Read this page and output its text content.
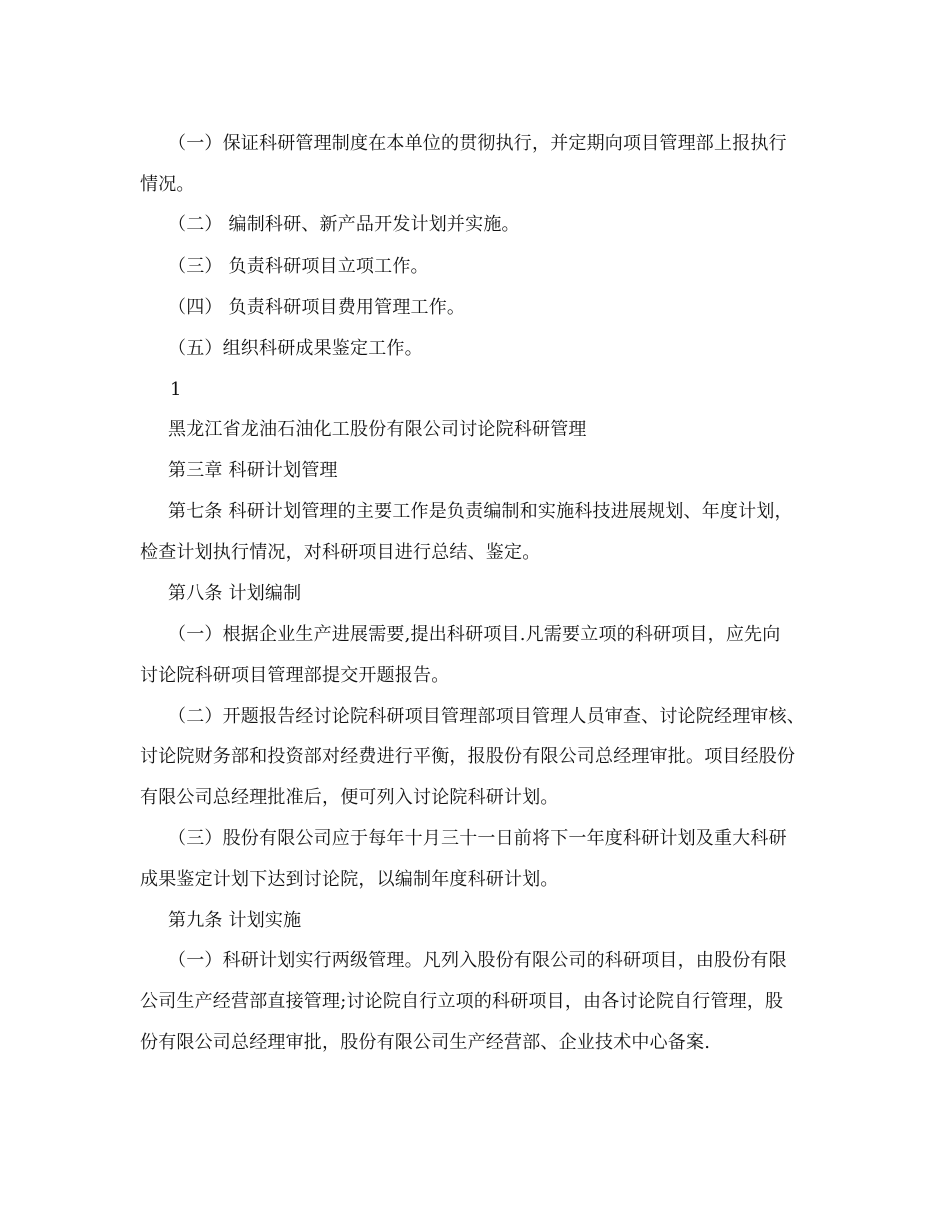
（一）保证科研管理制度在本单位的贯彻执行，并定期向项目管理部上报执行
情况。
（二） 编制科研、新产品开发计划并实施。
（三） 负责科研项目立项工作。
（四） 负责科研项目费用管理工作。
（五）组织科研成果鉴定工作。
1
黑龙江省龙油石油化工股份有限公司讨论院科研管理
第三章 科研计划管理
第七条 科研计划管理的主要工作是负责编制和实施科技进展规划、年度计划，
检查计划执行情况，对科研项目进行总结、鉴定。
第八条 计划编制
（一）根据企业生产进展需要,提出科研项目.凡需要立项的科研项目，应先向
讨论院科研项目管理部提交开题报告。
（二）开题报告经讨论院科研项目管理部项目管理人员审查、讨论院经理审核、
讨论院财务部和投资部对经费进行平衡，报股份有限公司总经理审批。项目经股份
有限公司总经理批准后，便可列入讨论院科研计划。
（三）股份有限公司应于每年十月三十一日前将下一年度科研计划及重大科研
成果鉴定计划下达到讨论院，以编制年度科研计划。
第九条 计划实施
（一）科研计划实行两级管理。凡列入股份有限公司的科研项目，由股份有限
公司生产经营部直接管理;讨论院自行立项的科研项目，由各讨论院自行管理，股
份有限公司总经理审批，股份有限公司生产经营部、企业技术中心备案.
